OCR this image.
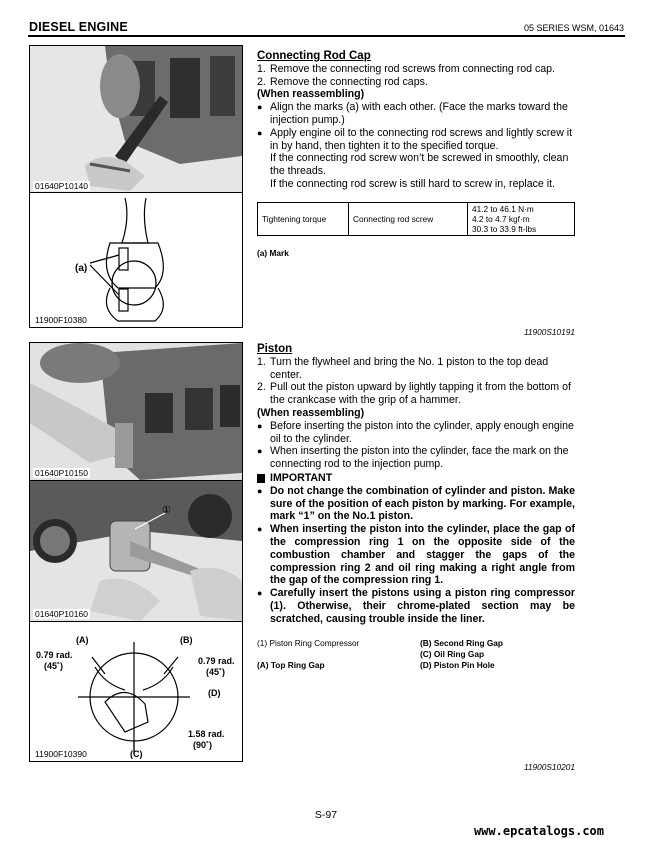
DIESEL ENGINE	05 SERIES WSM, 01643
01640P10140
(a)
11900F10380
01640P10150
①
01640P10160
(A)	(B)
(C)
(D)
0.79 rad.
(45˚)	0.79 rad.
(45˚)
1.58 rad.
(90˚)
11900F10390

Connecting Rod Cap

1. Remove the connecting rod screws from connecting rod cap.
2. Remove the connecting rod caps.

(When reassembling)

● Align the marks (a) with each other. (Face the marks toward the injection pump.)
● Apply engine oil to the connecting rod screws and lightly screw it in by hand, then tighten it to the specified torque.

If the connecting rod screw won’t be screwed in smoothly, clean the threads.

If the connecting rod screw is still hard to screw in, replace it.

Tightening torque	Connecting rod screw	
41.2 to 46.1 N·m
4.2 to 4.7 kgf·m
30.3 to 33.9 ft-lbs
(a) Mark
11900S10191

Piston

1. Turn the flywheel and bring the No. 1 piston to the top dead center.
2. Pull out the piston upward by lightly tapping it from the bottom of the crankcase with the grip of a hammer.

(When reassembling)

● Before inserting the piston into the cylinder, apply enough engine oil to the cylinder.
● When inserting the piston into the cylinder, face the mark on the connecting rod to the injection pump.
IMPORTANT
● Do not change the combination of cylinder and piston. Make sure of the position of each piston by marking. For example, mark “1” on the No.1 piston.
● When inserting the piston into the cylinder, place the gap of the compression ring 1 on the opposite side of the combustion chamber and stagger the gaps of the compression ring 2 and oil ring making a right angle from the gap of the compression ring 1.
● Carefully insert the pistons using a piston ring compressor (1). Otherwise, their chrome-plated section may be scratched, causing trouble inside the liner.
(1) Piston Ring Compressor
(A) Top Ring Gap
(B) Second Ring Gap
(C) Oil Ring Gap
(D) Piston Pin Hole
11900S10201
S-97
www.epcatalogs.com
